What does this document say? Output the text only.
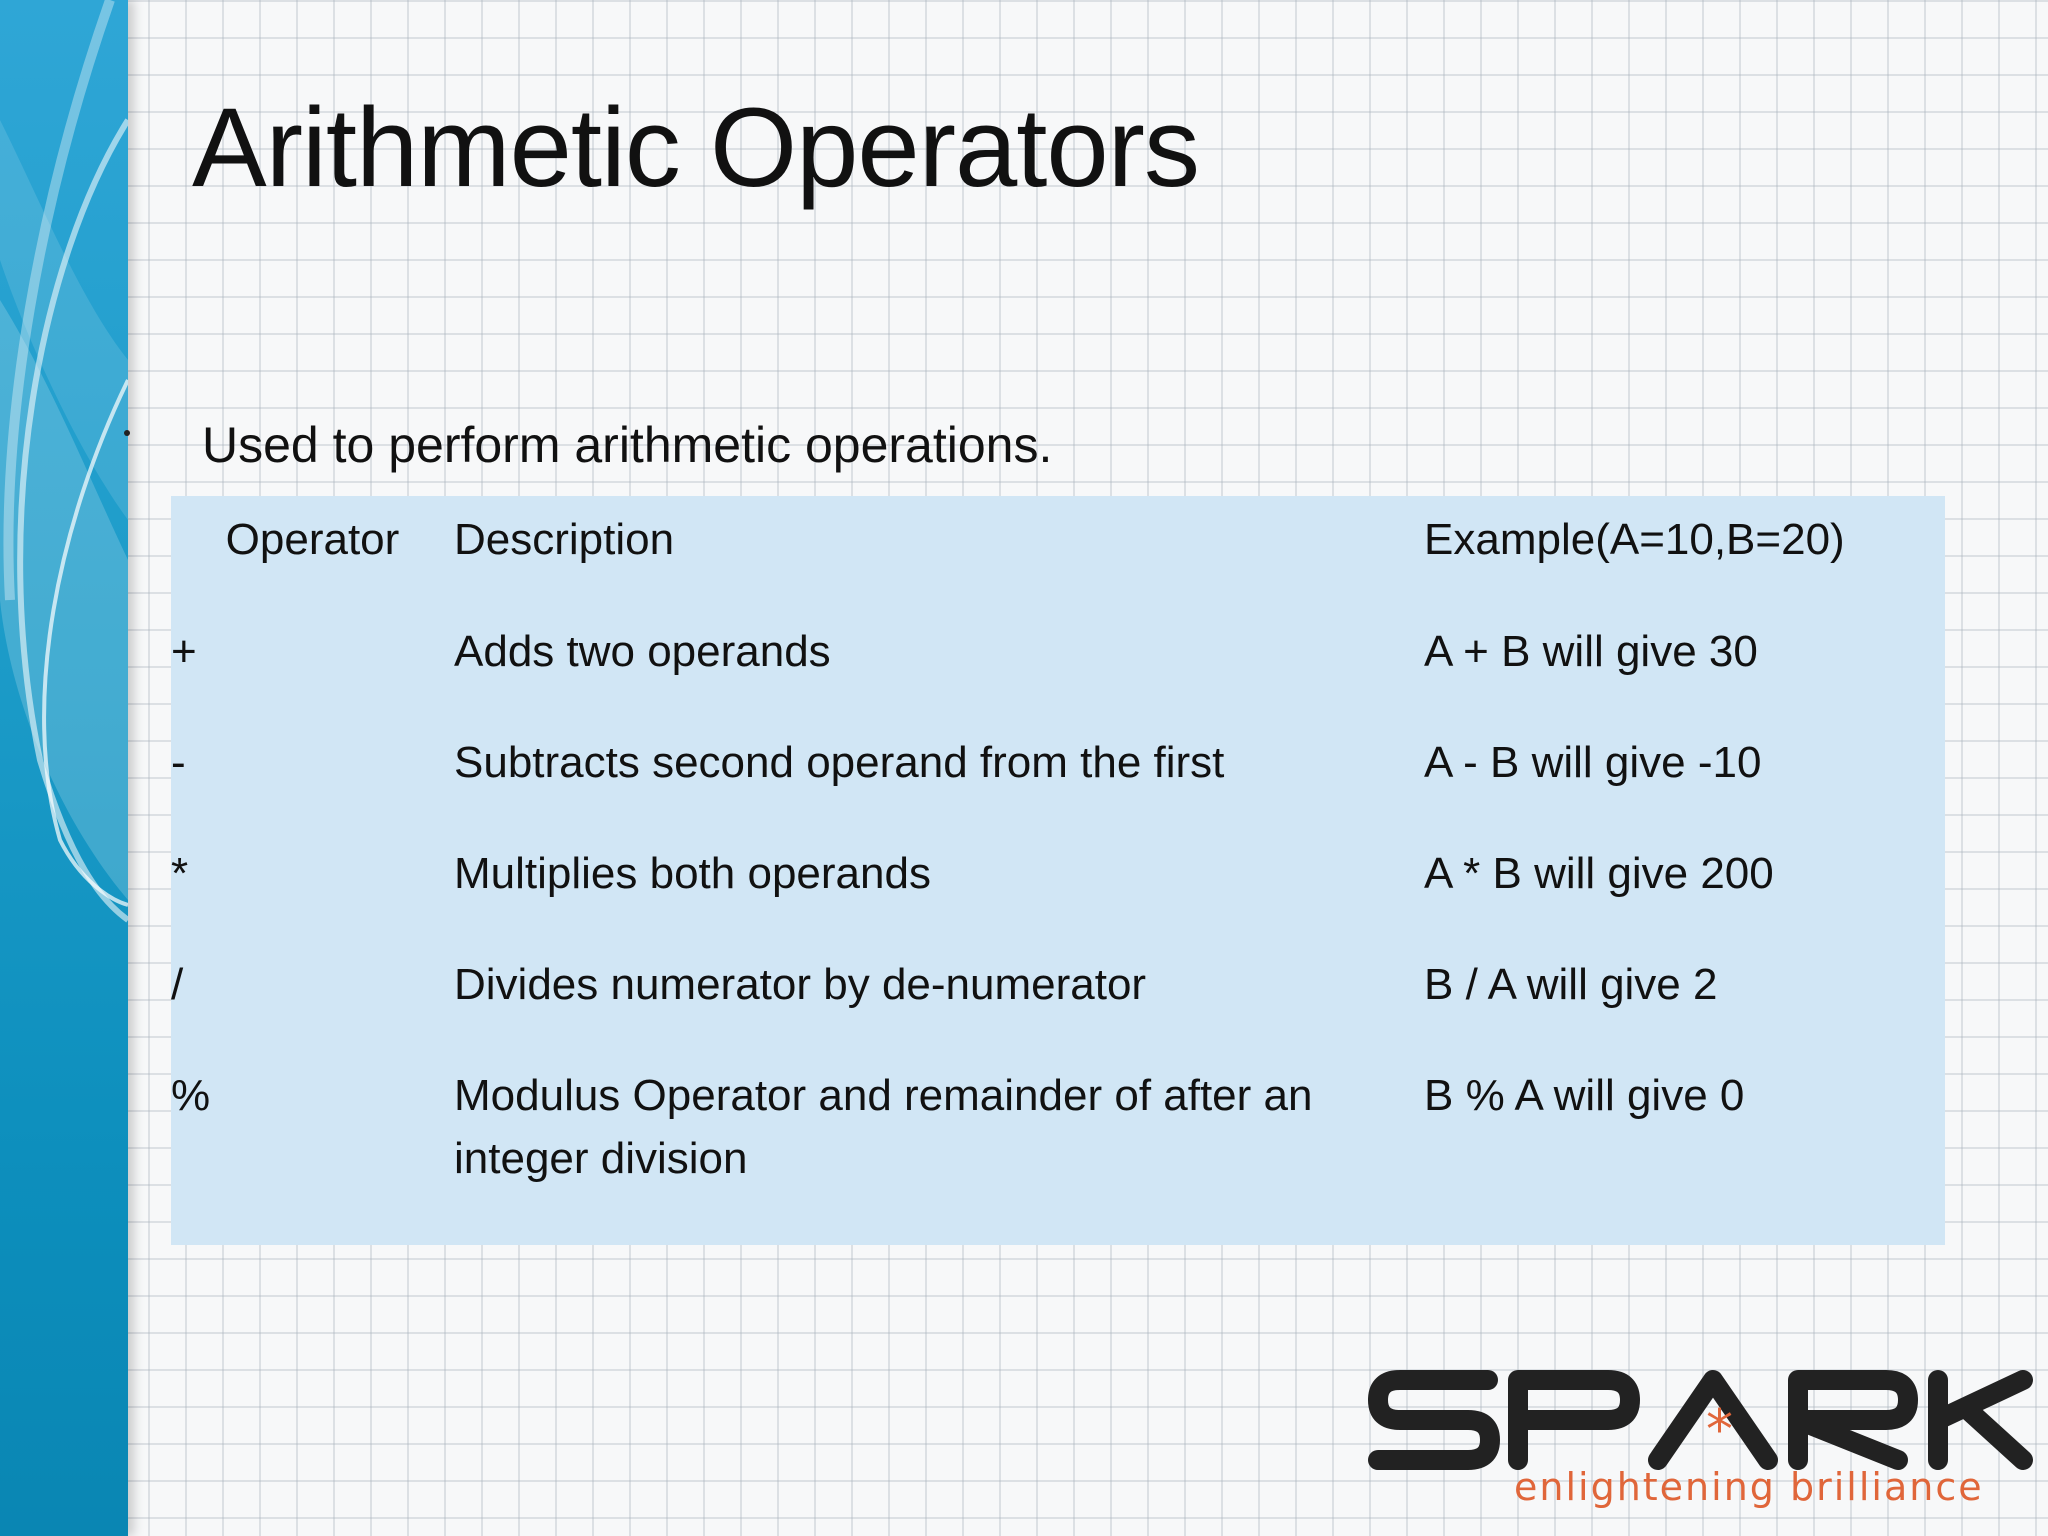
Arithmetic Operators
Used to perform arithmetic operations.
Operator	Description	Example(A=10,B=20)
+	Adds two operands	A + B will give 30
-	Subtracts second operand from the first	A - B will give -10
*	Multiplies both operands	A * B will give 200
/	Divides numerator by de-numerator	B / A will give 2
%	Modulus Operator and remainder of after an integer division	B % A will give 0
*
enlightening brilliance
